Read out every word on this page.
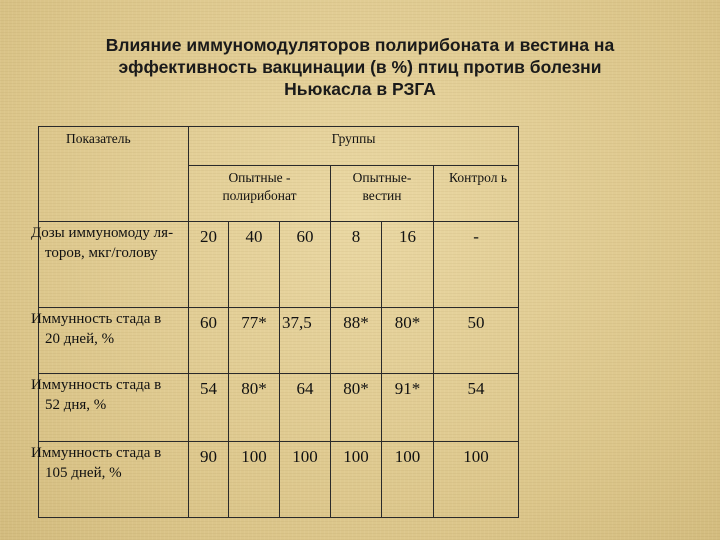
Влияние иммуномодуляторов полирибоната и вестина на
эффективность вакцинации (в %) птиц против болезни
Ньюкасла в РЗГА
Показатель	Группы
Опытные - полирибонат	Опытные- вестин	Контрол ь
Дозы иммуномоду ля-торов, мкг/голову	20	40	60	8	16	-
Иммунность стада в 20 дней, %	60	77*	37,5	88*	80*	50
Иммунность стада в 52 дня, %	54	80*	64	80*	91*	54
Иммунность стада в 105 дней, %	90	100	100	100	100	100
